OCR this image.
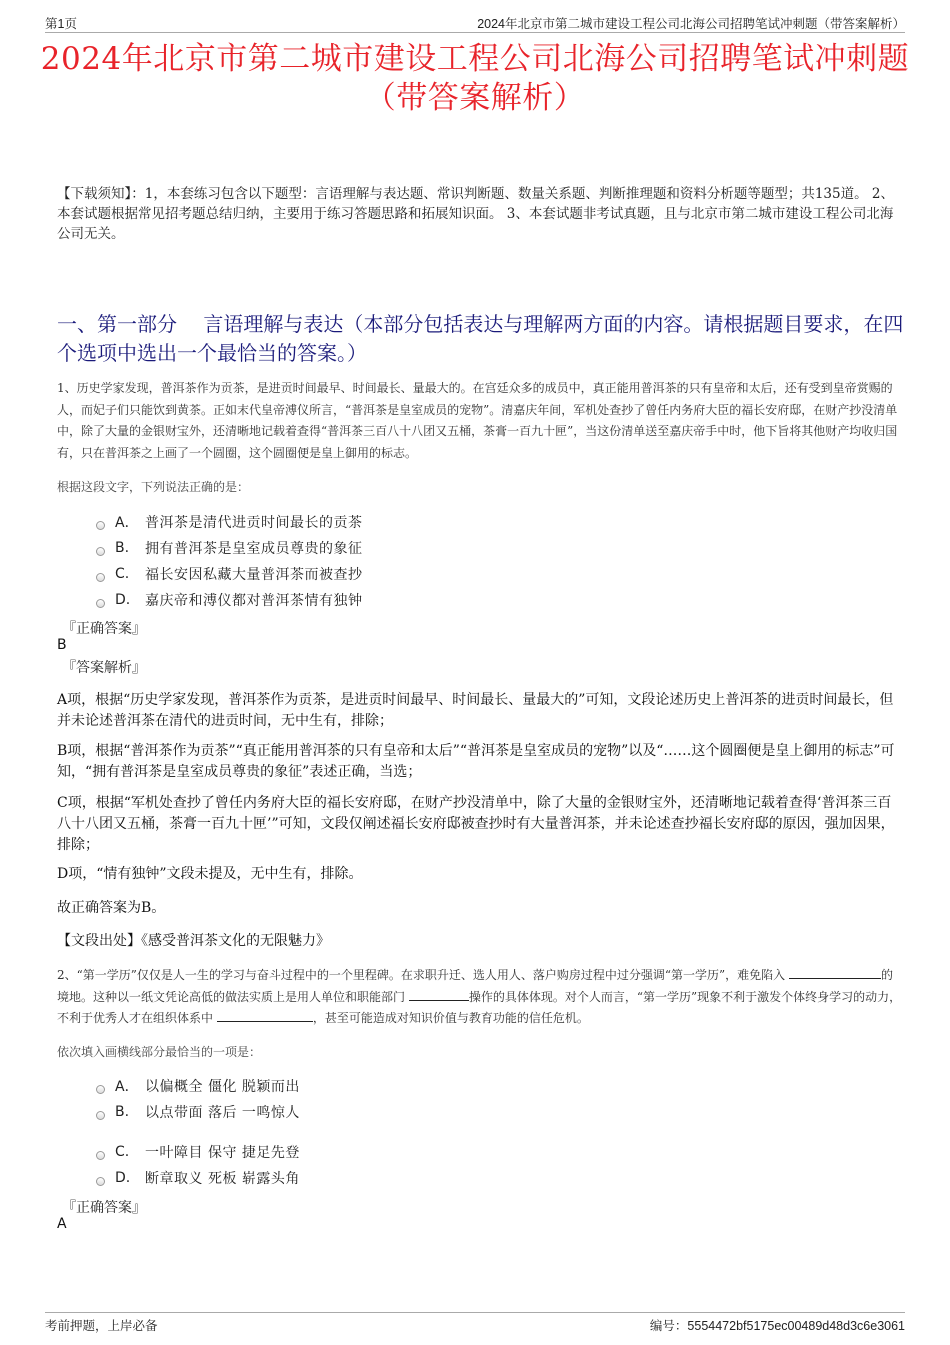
第1页	2024年北京市第二城市建设工程公司北海公司招聘笔试冲刺题（带答案解析）
2024年北京市第二城市建设工程公司北海公司招聘笔试冲刺题
（带答案解析）
【下载须知】：1，本套练习包含以下题型：言语理解与表达题、常识判断题、数量关系题、判断推理题和资料分析题等题型；共135道。 2、本套试题根据常见招考题总结归纳，主要用于练习答题思路和拓展知识面。 3、本套试题非考试真题，且与北京市第二城市建设工程公司北海公司无关。
一、第一部分　 言语理解与表达（本部分包括表达与理解两方面的内容。请根据题目要求，在四个选项中选出一个最恰当的答案。）
1、历史学家发现，普洱茶作为贡茶，是进贡时间最早、时间最长、量最大的。在宫廷众多的成员中，真正能用普洱茶的只有皇帝和太后，还有受到皇帝赏赐的人，而妃子们只能饮到黄茶。正如末代皇帝溥仪所言，“普洱茶是皇室成员的宠物”。清嘉庆年间，军机处查抄了曾任内务府大臣的福长安府邸，在财产抄没清单中，除了大量的金银财宝外，还清晰地记载着查得“普洱茶三百八十八团又五桶，茶膏一百九十匣”，当这份清单送至嘉庆帝手中时，他下旨将其他财产均收归国有，只在普洱茶之上画了一个圆圈，这个圆圈便是皇上御用的标志。
根据这段文字，下列说法正确的是：
A． 普洱茶是清代进贡时间最长的贡茶
B.	拥有普洱茶是皇室成员尊贵的象征
C.	福长安因私藏大量普洱茶而被查抄
D.	嘉庆帝和溥仪都对普洱茶情有独钟
『正确答案』
B
『答案解析』
A项，根据“历史学家发现，普洱茶作为贡茶，是进贡时间最早、时间最长、量最大的”可知，文段论述历史上普洱茶的进贡时间最长，但并未论述普洱茶在清代的进贡时间，无中生有，排除；
B项，根据“普洱茶作为贡茶”“真正能用普洱茶的只有皇帝和太后”“普洱茶是皇室成员的宠物”以及“……这个圆圈便是皇上御用的标志”可知，“拥有普洱茶是皇室成员尊贵的象征”表述正确，当选；
C项，根据“军机处查抄了曾任内务府大臣的福长安府邸，在财产抄没清单中，除了大量的金银财宝外，还清晰地记载着查得‘普洱茶三百八十八团又五桶，茶膏一百九十匣’”可知，文段仅阐述福长安府邸被查抄时有大量普洱茶，并未论述查抄福长安府邸的原因，强加因果，排除；
D项，“情有独钟”文段未提及，无中生有，排除。
故正确答案为B。
【文段出处】《感受普洱茶文化的无限魅力》
2、“第一学历”仅仅是人一生的学习与奋斗过程中的一个里程碑。在求职升迁、选人用人、落户购房过程中过分强调“第一学历”，难免陷入	的境地。这种以一纸文凭论高低的做法实质上是用人单位和职能部门	操作的具体体现。对个人而言，“第一学历”现象不利于激发个体终身学习的动力，不利于优秀人才在组织体系中	，甚至可能造成对知识价值与教育功能的信任危机。
依次填入画横线部分最恰当的一项是：
A． 以偏概全 僵化 脱颖而出
B.	以点带面 落后 一鸣惊人
C.	一叶障目 保守 捷足先登
D.	断章取义 死板 崭露头角
『正确答案』
A
考前押题，上岸必备	编号：5554472bf5175ec00489d48d3c6e3061
